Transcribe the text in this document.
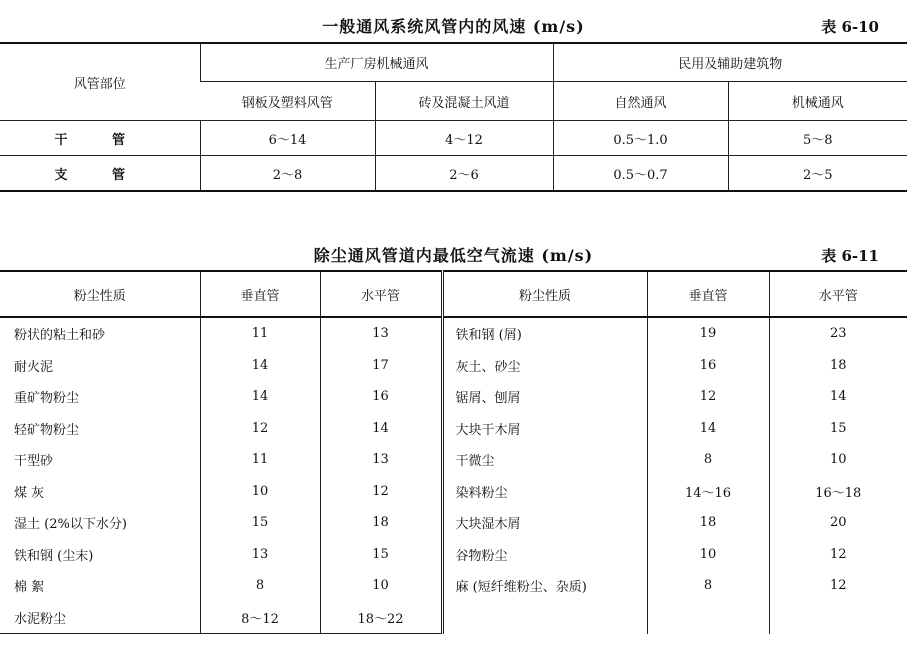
一般通风系统风管内的风速 (m/s)	表 6-10
风管部位	生产厂房机械通风		民用及辅助建筑物	
	钢板及塑料风管	砖及混凝土风道	自然通风	机械通风
干 管	6～14	4～12	0.5～1.0	5～8
支 管	2～8	2～6	0.5～0.7	2～5
除尘通风管道内最低空气流速 (m/s)	表 6-11
粉尘性质	垂直管	水平管	粉尘性质	垂直管	水平管
粉状的粘土和砂	11	13	铁和钢 (屑)	19	23
耐火泥	14	17	灰土、砂尘	16	18
重矿物粉尘	14	16	锯屑、刨屑	12	14
轻矿物粉尘	12	14	大块干木屑	14	15
干型砂	11	13	干微尘	8	10
煤 灰	10	12	染料粉尘	14～16	16～18
湿土 (2%以下水分)	15	18	大块湿木屑	18	20
铁和钢 (尘末)	13	15	谷物粉尘	10	12
棉 絮	8	10	麻 (短纤维粉尘、杂质)	8	12
水泥粉尘	8～12	18～22			
